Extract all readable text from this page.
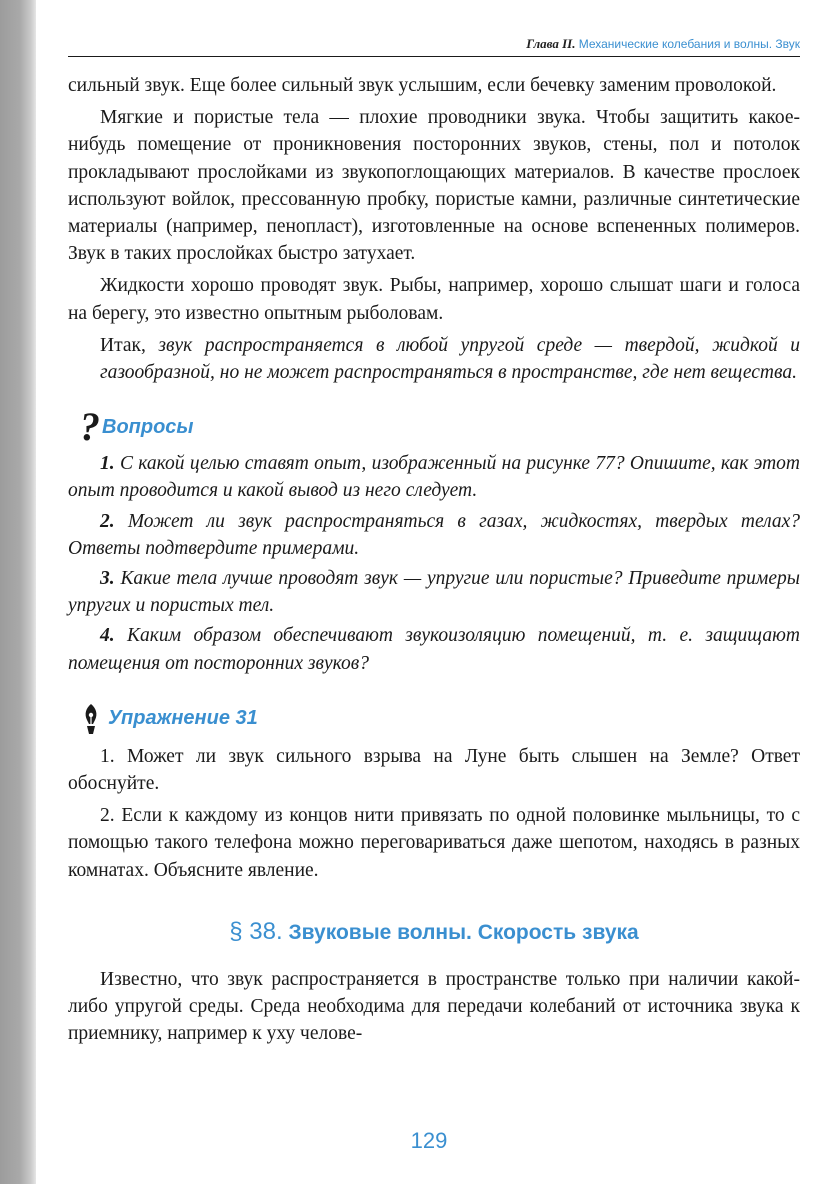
Глава II. Механические колебания и волны. Звук

сильный звук. Еще более сильный звук услышим, если бечевку заменим проволокой.

Мягкие и пористые тела — плохие проводники звука. Чтобы защитить какое-нибудь помещение от проникновения посторонних звуков, стены, пол и потолок прокладывают прослойками из звукопоглощающих материалов. В качестве прослоек используют войлок, прессованную пробку, пористые камни, различные синтетические материалы (например, пенопласт), изготовленные на основе вспененных полимеров. Звук в таких прослойках быстро затухает.

Жидкости хорошо проводят звук. Рыбы, например, хорошо слышат шаги и голоса на берегу, это известно опытным рыболовам.

Итак, звук распространяется в любой упругой среде — твердой, жидкой и газообразной, но не может распространяться в пространстве, где нет вещества.

? Вопросы

1. С какой целью ставят опыт, изображенный на рисунке 77? Опишите, как этот опыт проводится и какой вывод из него следует.

2. Может ли звук распространяться в газах, жидкостях, твердых телах? Ответы подтвердите примерами.

3. Какие тела лучше проводят звук — упругие или пористые? Приведите примеры упругих и пористых тел.

4. Каким образом обеспечивают звукоизоляцию помещений, т. е. защищают помещения от посторонних звуков?

Упражнение 31

1. Может ли звук сильного взрыва на Луне быть слышен на Земле? Ответ обоснуйте.

2. Если к каждому из концов нити привязать по одной половинке мыльницы, то с помощью такого телефона можно переговариваться даже шепотом, находясь в разных комнатах. Объясните явление.

§ 38. Звуковые волны. Скорость звука

Известно, что звук распространяется в пространстве только при наличии какой-либо упругой среды. Среда необходима для передачи колебаний от источника звука к приемнику, например к уху челове-

129
